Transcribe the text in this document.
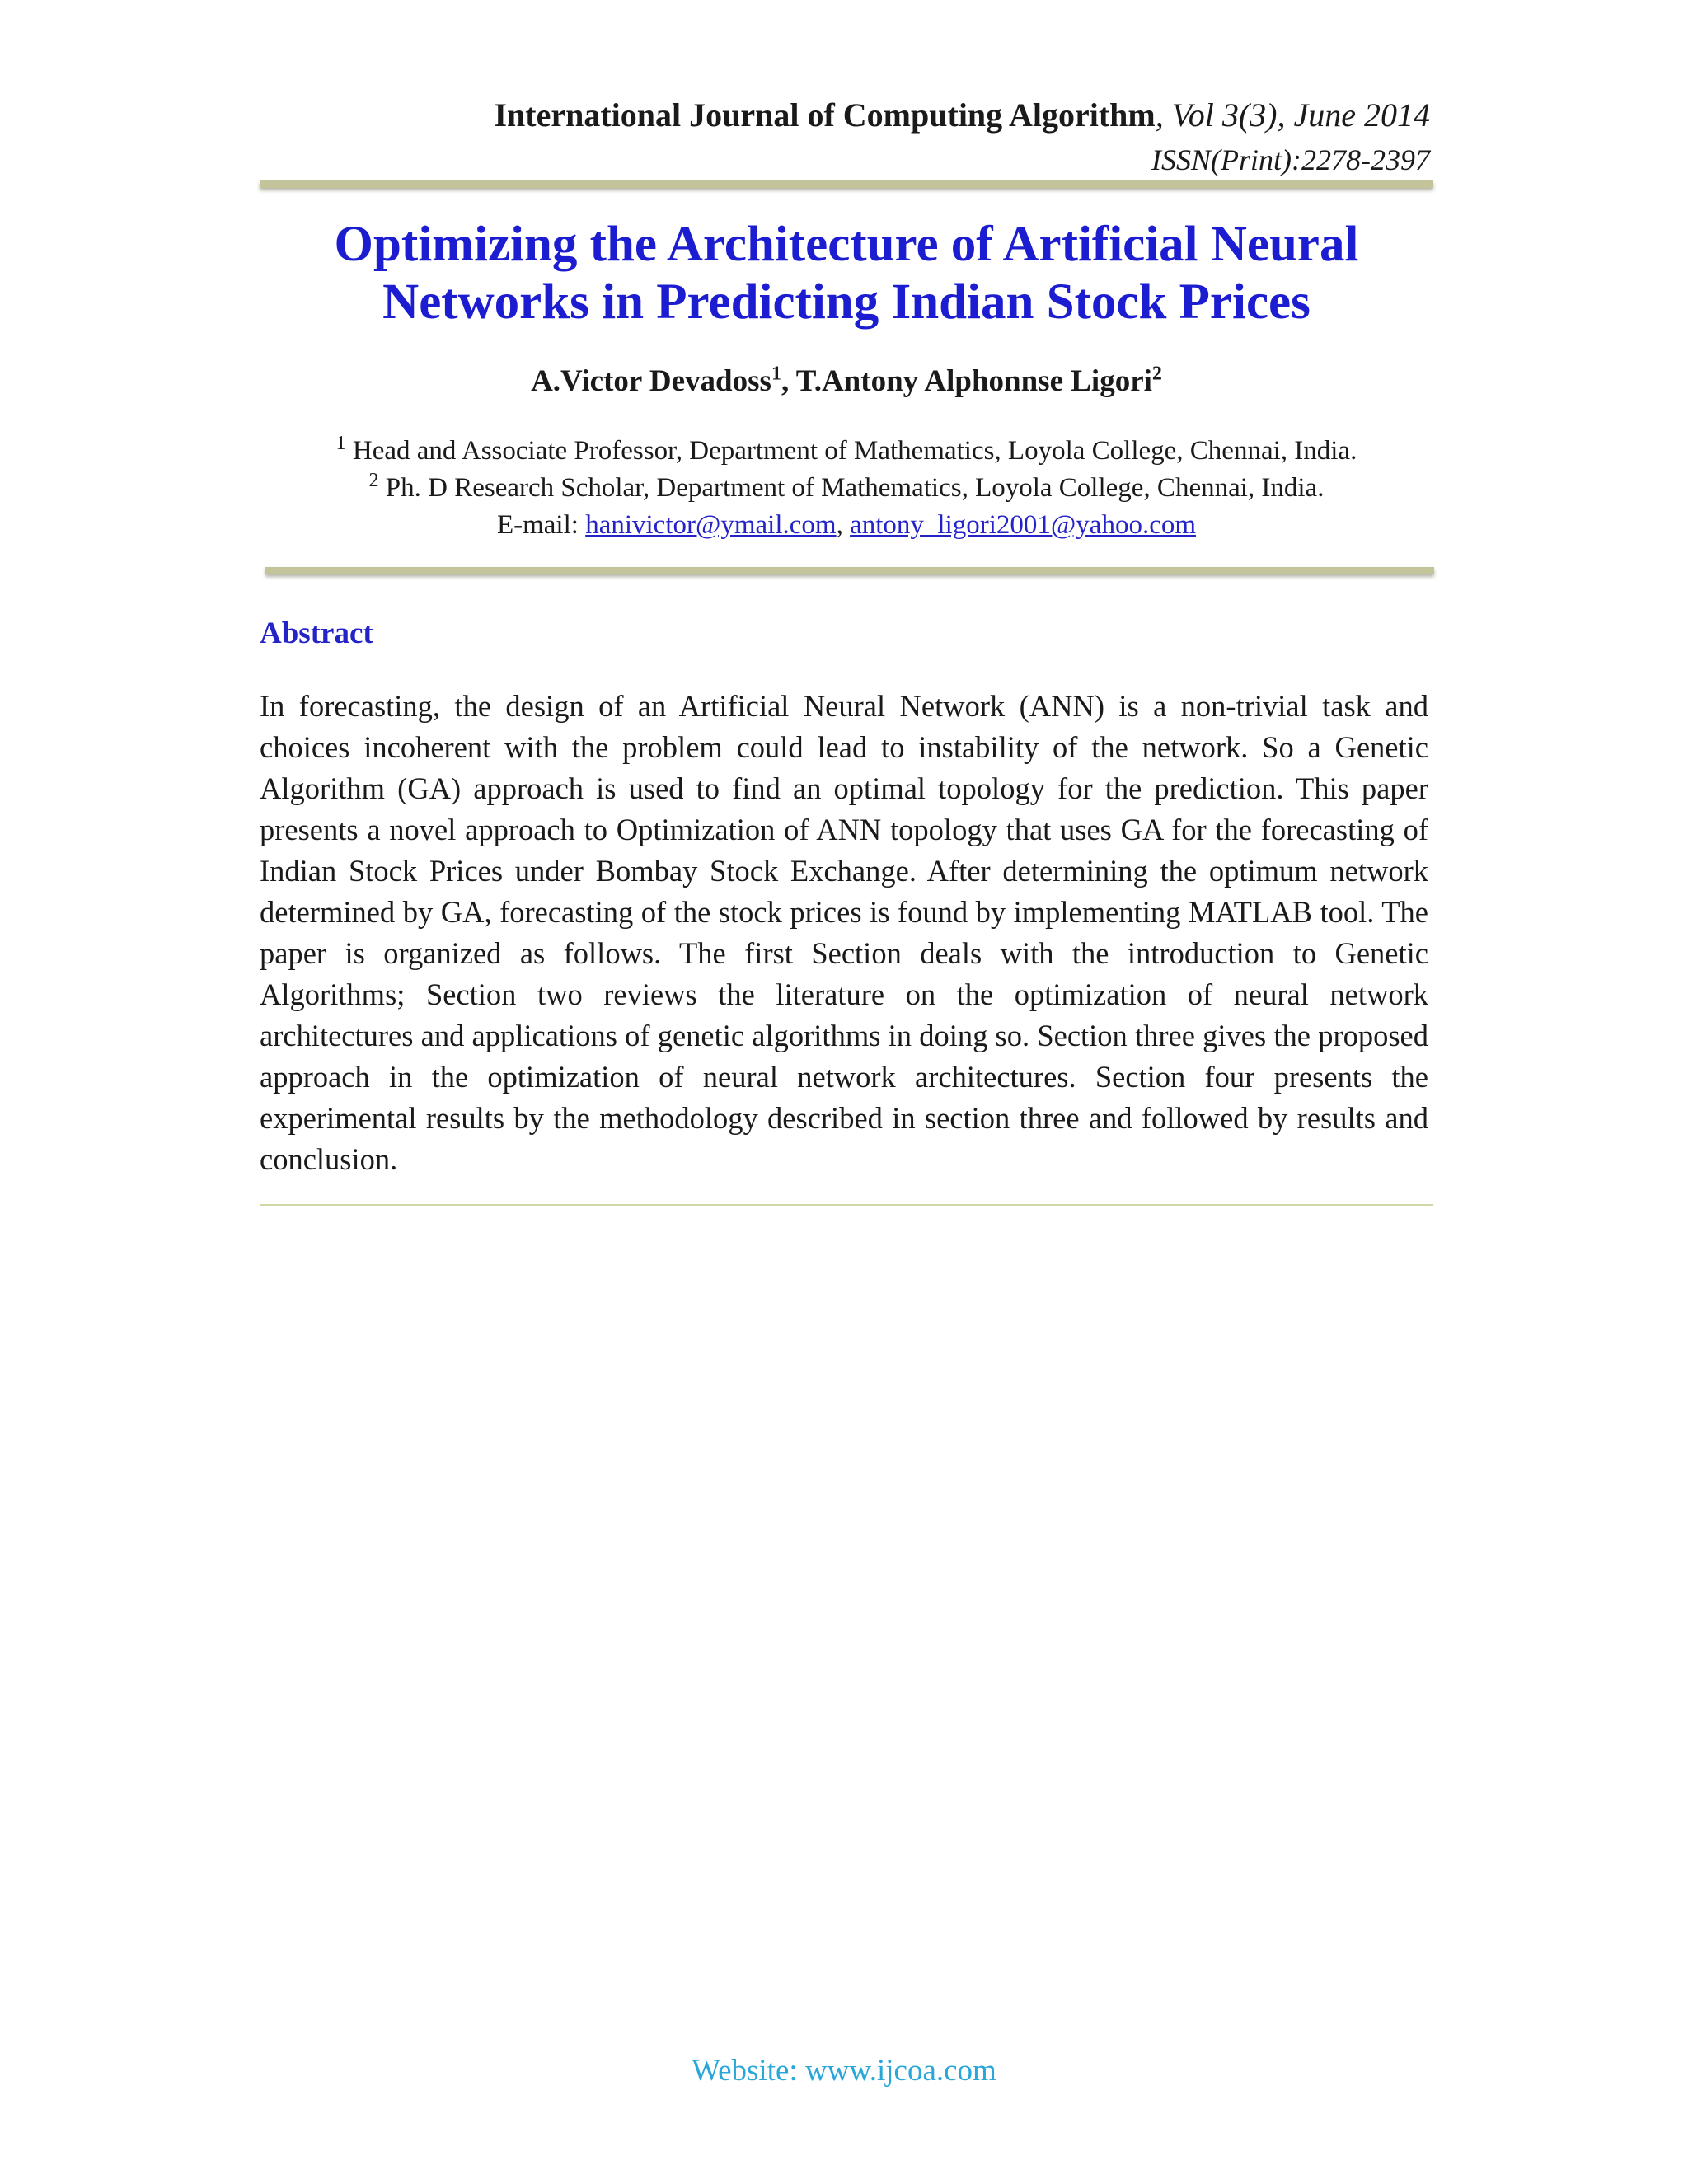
International Journal of Computing Algorithm, Vol 3(3), June 2014
ISSN(Print):2278-2397
Optimizing the Architecture of Artificial Neural
Networks in Predicting Indian Stock Prices
A.Victor Devadoss$^1$, T.Antony Alphonnse Ligori$^2$
$^1$ Head and Associate Professor, Department of Mathematics, Loyola College, Chennai, India.
$^2$ Ph. D Research Scholar, Department of Mathematics, Loyola College, Chennai, India.
E-mail: hanivictor@ymail.com, antony_ligori2001@yahoo.com
Abstract

In forecasting, the design of an Artificial Neural Network (ANN) is a non-trivial task and choices incoherent with the problem could lead to instability of the network. So a Genetic Algorithm (GA) approach is used to find an optimal topology for the prediction. This paper presents a novel approach to Optimization of ANN topology that uses GA for the forecasting of Indian Stock Prices under Bombay Stock Exchange. After determining the optimum network determined by GA, forecasting of the stock prices is found by implementing MATLAB tool. The paper is organized as follows. The first Section deals with the introduction to Genetic Algorithms; Section two reviews the literature on the optimization of neural network architectures and applications of genetic algorithms in doing so. Section three gives the proposed approach in the optimization of neural network architectures. Section four presents the experimental results by the methodology described in section three and followed by results and conclusion.

Website: www.ijcoa.com
